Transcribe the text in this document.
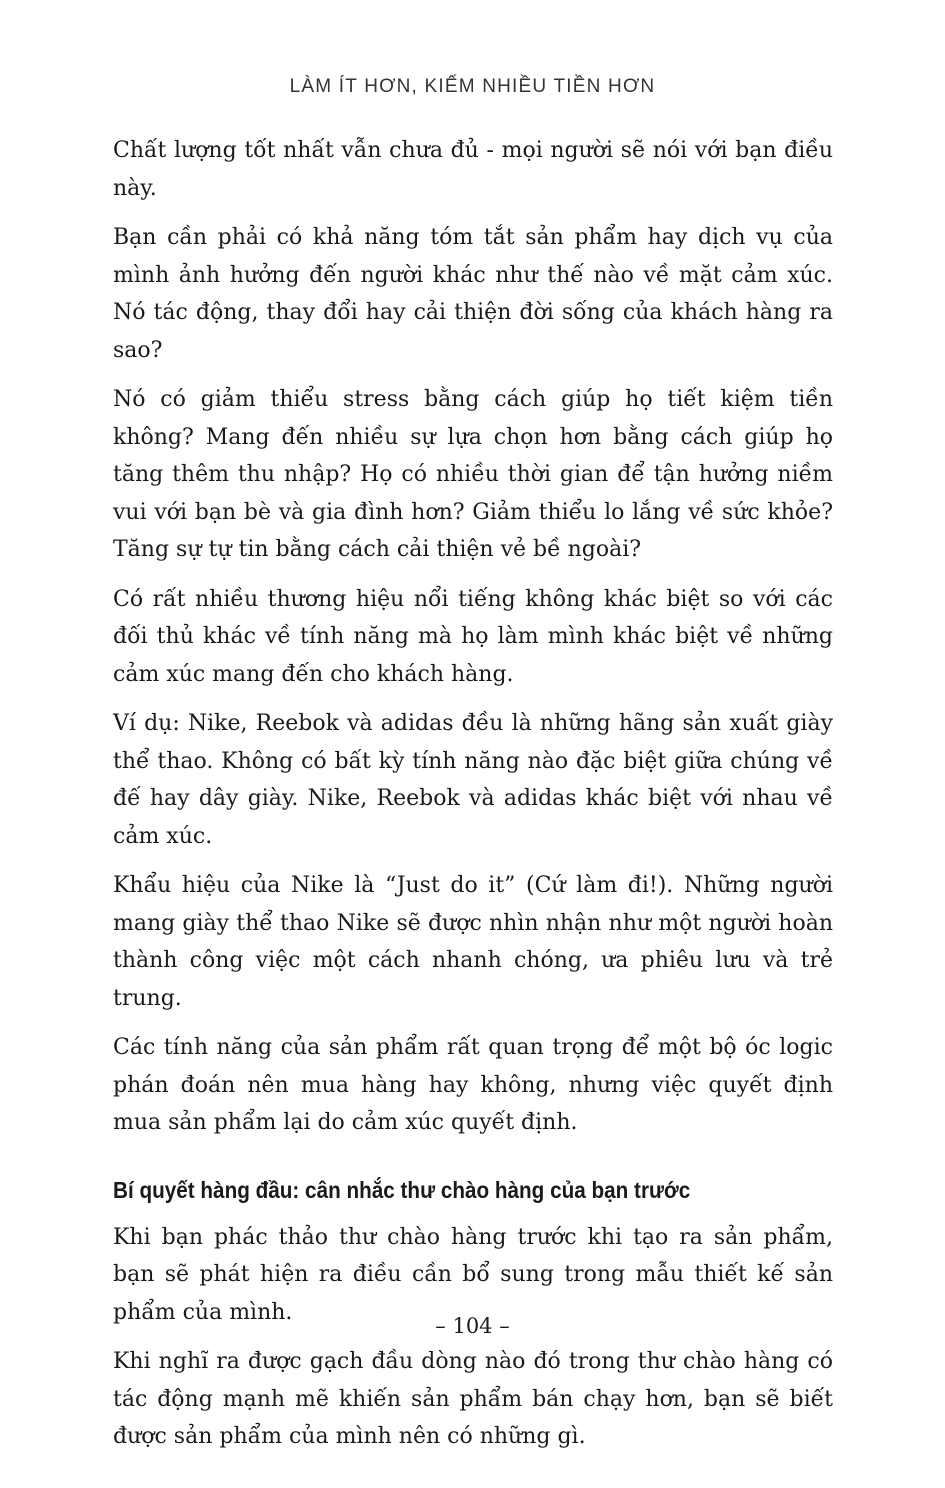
LÀM ÍT HƠN, KIẾM NHIỀU TIỀN HƠN

Chất lượng tốt nhất vẫn chưa đủ - mọi người sẽ nói với bạn điều này.

Bạn cần phải có khả năng tóm tắt sản phẩm hay dịch vụ của mình ảnh hưởng đến người khác như thế nào về mặt cảm xúc. Nó tác động, thay đổi hay cải thiện đời sống của khách hàng ra sao?

Nó có giảm thiểu stress bằng cách giúp họ tiết kiệm tiền không? Mang đến nhiều sự lựa chọn hơn bằng cách giúp họ tăng thêm thu nhập? Họ có nhiều thời gian để tận hưởng niềm vui với bạn bè và gia đình hơn? Giảm thiểu lo lắng về sức khỏe? Tăng sự tự tin bằng cách cải thiện vẻ bề ngoài?

Có rất nhiều thương hiệu nổi tiếng không khác biệt so với các đối thủ khác về tính năng mà họ làm mình khác biệt về những cảm xúc mang đến cho khách hàng.

Ví dụ: Nike, Reebok và adidas đều là những hãng sản xuất giày thể thao. Không có bất kỳ tính năng nào đặc biệt giữa chúng về đế hay dây giày. Nike, Reebok và adidas khác biệt với nhau về cảm xúc.

Khẩu hiệu của Nike là “Just do it” (Cứ làm đi!). Những người mang giày thể thao Nike sẽ được nhìn nhận như một người hoàn thành công việc một cách nhanh chóng, ưa phiêu lưu và trẻ trung.

Các tính năng của sản phẩm rất quan trọng để một bộ óc logic phán đoán nên mua hàng hay không, nhưng việc quyết định mua sản phẩm lại do cảm xúc quyết định.

Bí quyết hàng đầu: cân nhắc thư chào hàng của bạn trước

Khi bạn phác thảo thư chào hàng trước khi tạo ra sản phẩm, bạn sẽ phát hiện ra điều cần bổ sung trong mẫu thiết kế sản phẩm của mình.

Khi nghĩ ra được gạch đầu dòng nào đó trong thư chào hàng có tác động mạnh mẽ khiến sản phẩm bán chạy hơn, bạn sẽ biết được sản phẩm của mình nên có những gì.

– 104 –
